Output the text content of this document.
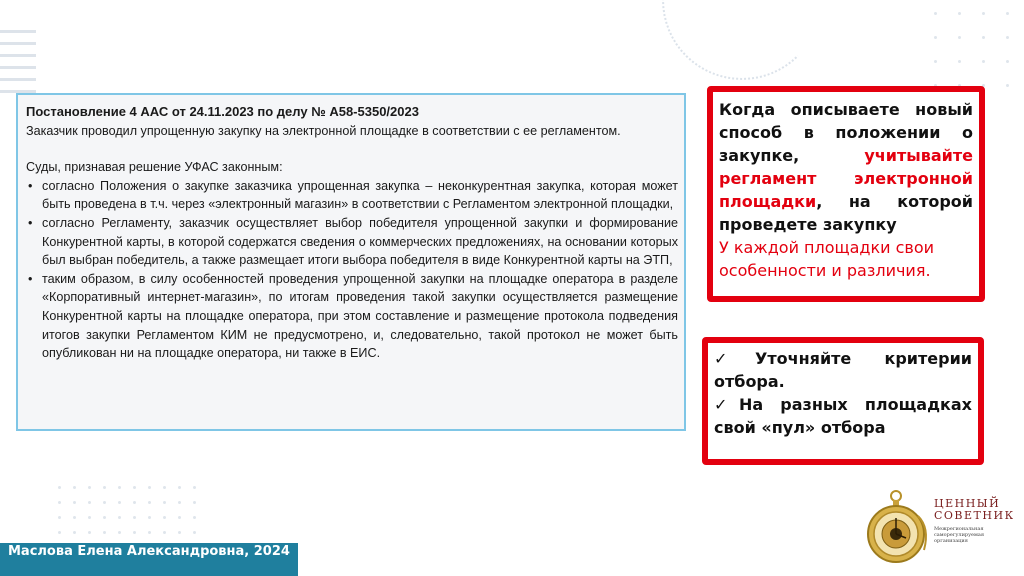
Постановление 4 ААС от 24.11.2023 по делу № А58-5350/2023
Заказчик проводил упрощенную закупку на электронной площадке в соответствии с ее регламентом.
Суды, признавая решение УФАС законным:
• согласно Положения о закупке заказчика упрощенная закупка – неконкурентная закупка, которая может быть проведена в т.ч. через «электронный магазин» в соответствии с Регламентом электронной площадки,
• согласно Регламенту, заказчик осуществляет выбор победителя упрощенной закупки и формирование Конкурентной карты, в которой содержатся сведения о коммерческих предложениях, на основании которых был выбран победитель, а также размещает итоги выбора победителя в виде Конкурентной карты на ЭТП,
• таким образом, в силу особенностей проведения упрощенной закупки на площадке оператора в разделе «Корпоративный интернет-магазин», по итогам проведения такой закупки осуществляется размещение Конкурентной карты на площадке оператора, при этом составление и размещение протокола подведения итогов закупки Регламентом КИМ не предусмотрено, и, следовательно, такой протокол не может быть опубликован ни на площадке оператора, ни также в ЕИС.
Когда описываете новый способ в положении о закупке,	учитывайте регламент электронной площадки, на которой проведете закупку
У каждой площадки свои особенности и различия.
✓Уточняйте критерии отбора.
✓На разных площадках свой «пул» отбора
Маслова Елена Александровна, 2024
ЦЕННЫЙ
СОВЕТНИК
Межрегиональная саморегулируемая организация
